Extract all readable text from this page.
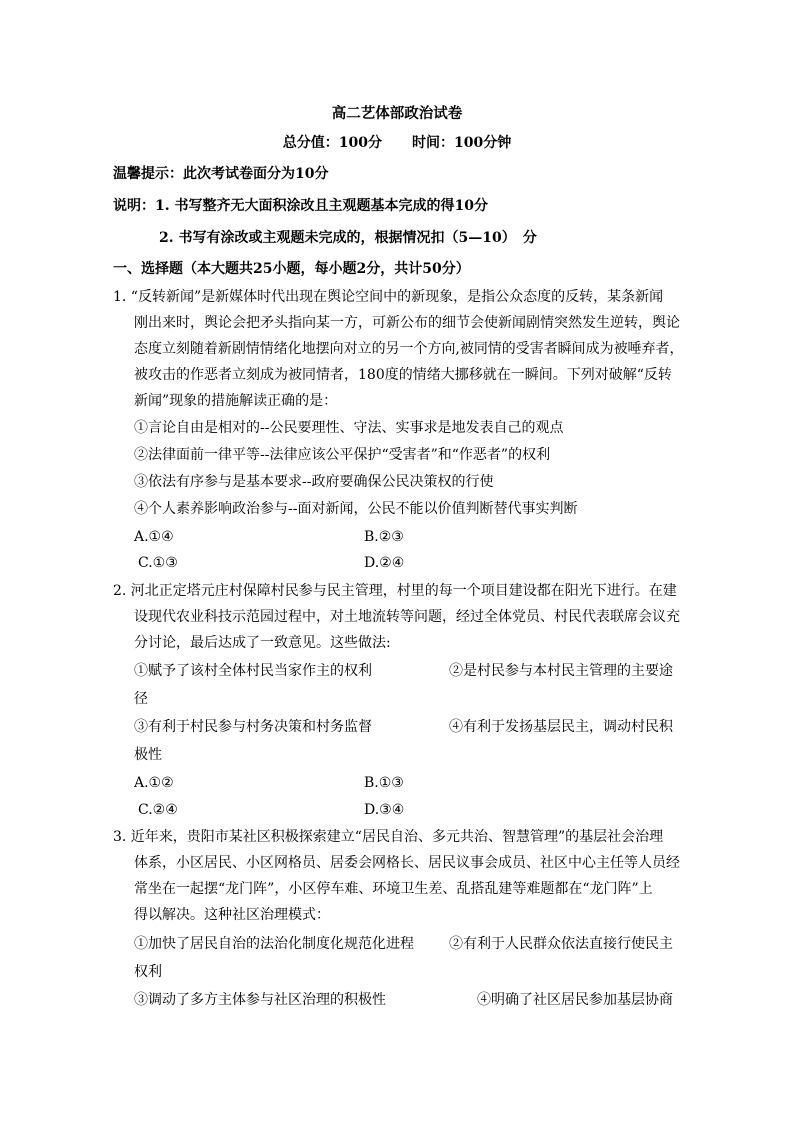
高二艺体部政治试卷
总分值：100分 时间：100分钟
温馨提示：此次考试卷面分为10分
说明：1. 书写整齐无大面积涂改且主观题基本完成的得10分
2. 书写有涂改或主观题未完成的，根据情况扣（5—10）　分
一、选择题（本大题共25小题，每小题2分，共计50分）
1. “反转新闻”是新媒体时代出现在舆论空间中的新现象，是指公众态度的反转，某条新闻
刚出来时，舆论会把矛头指向某一方，可新公布的细节会使新闻剧情突然发生逆转，舆论
态度立刻随着新剧情情绪化地摆向对立的另一个方向,被同情的受害者瞬间成为被唾弃者，
被攻击的作恶者立刻成为被同情者，180度的情绪大挪移就在一瞬间。下列对破解“反转
新闻”现象的措施解读正确的是：
①言论自由是相对的--公民要理性、守法、实事求是地发表自己的观点
②法律面前一律平等--法律应该公平保护“受害者”和“作恶者”的权利
③依法有序参与是基本要求--政府要确保公民决策权的行使
④个人素养影响政治参与--面对新闻，公民不能以价值判断替代事实判断
A.①④	B.②③
C.①③	D.②④
2. 河北正定塔元庄村保障村民参与民主管理，村里的每一个项目建设都在阳光下进行。在建
设现代农业科技示范园过程中，对土地流转等问题，经过全体党员、村民代表联席会议充
分讨论，最后达成了一致意见。这些做法:
①赋予了该村全体村民当家作主的权利	②是村民参与本村民主管理的主要途
径
③有利于村民参与村务决策和村务监督	④有利于发扬基层民主，调动村民积
极性
A.①②	B.①③
C.②④	D.③④
3. 近年来，贵阳市某社区积极探索建立“居民自治、多元共治、智慧管理”的基层社会治理
体系，小区居民、小区网格员、居委会网格长、居民议事会成员、社区中心主任等人员经
常坐在一起摆“龙门阵”，小区停车难、环境卫生差、乱搭乱建等难题都在“龙门阵”上
得以解决。这种社区治理模式：
①加快了居民自治的法治化制度化规范化进程	②有利于人民群众依法直接行使民主
权利
③调动了多方主体参与社区治理的积极性	④明确了社区居民参加基层协商
